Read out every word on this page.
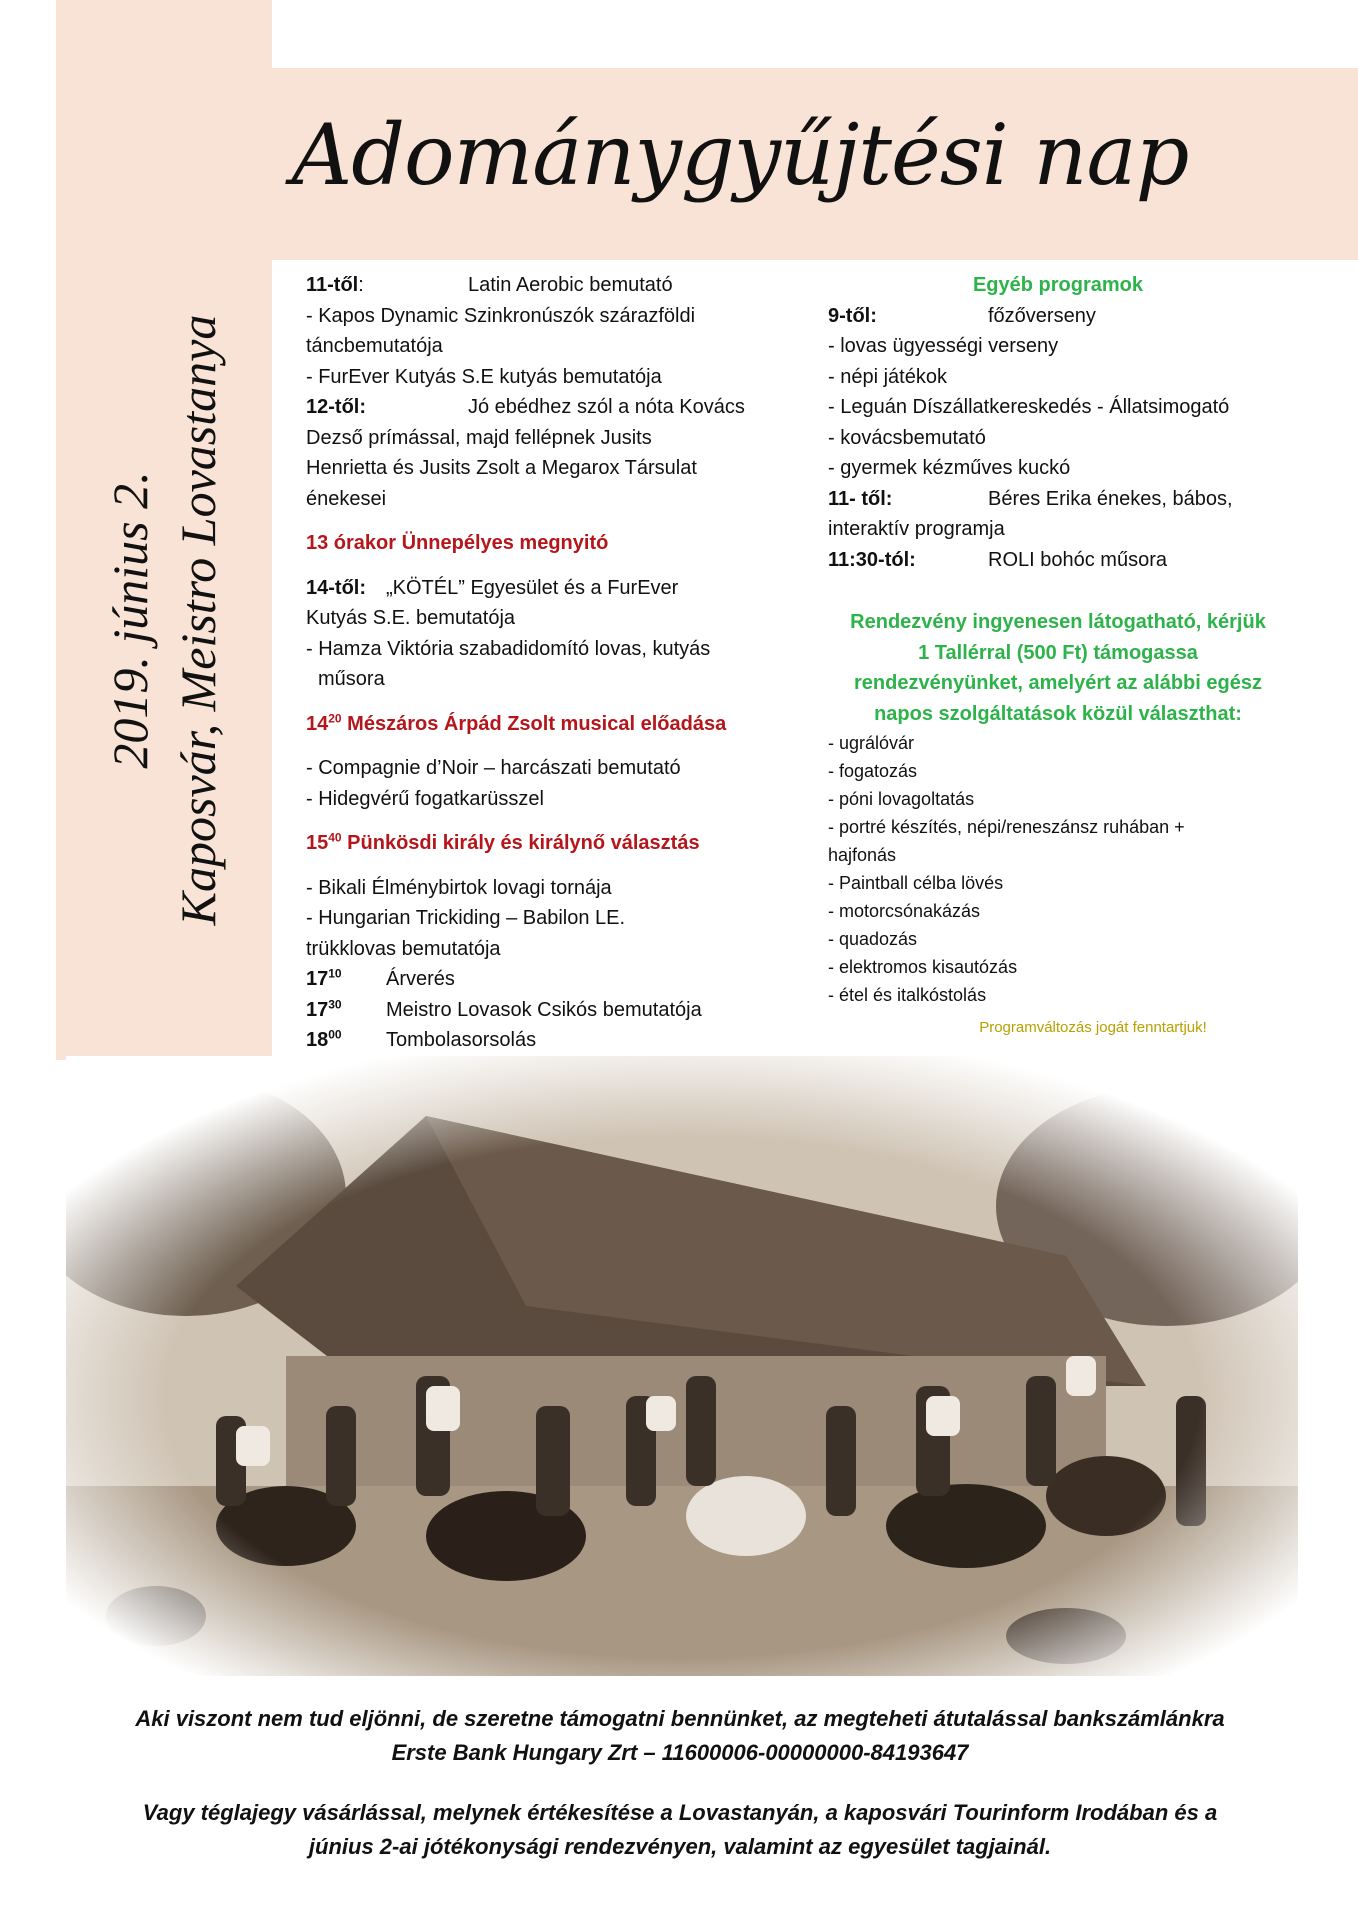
Adománygyűjtési nap
2019. június 2. Kaposvár, Meistro Lovastanya
11-től:	Latin Aerobic bemutató
- Kapos Dynamic Szinkronúszók szárazföldi
táncbemutatója
- FurEver Kutyás S.E kutyás bemutatója
12-től:	Jó ebédhez szól a nóta Kovács
Dezső prímással, majd fellépnek Jusits
Henrietta és Jusits Zsolt a Megarox Társulat
énekesei
13 órakor Ünnepélyes megnyitó
14-től: „KÖTÉL” Egyesület és a FurEver
Kutyás S.E. bemutatója
- Hamza Viktória szabadidomító lovas, kutyás
műsora
$14^{20}$ Mészáros Árpád Zsolt musical előadása
- Compagnie d’Noir – harcászati bemutató
- Hidegvérű fogatkarüsszel
$15^{40}$ Pünkösdi király és királynő választás
- Bikali Élménybirtok lovagi tornája
- Hungarian Trickiding – Babilon LE.
trükklovas bemutatója
$17^{10}$ Árverés
$17^{30}$ Meistro Lovasok Csikós bemutatója
$18^{00}$ Tombolasorsolás
Egyéb programok
9-től:	főzőverseny
- lovas ügyességi verseny
- népi játékok
- Leguán Díszállatkereskedés - Állatsimogató
- kovácsbemutató
- gyermek kézműves kuckó
11- től:	Béres Erika énekes, bábos,
interaktív programja
11:30-tól:	ROLI bohóc műsora
Rendezvény ingyenesen látogatható, kérjük
1 Tallérral (500 Ft) támogassa
rendezvényünket, amelyért az alábbi egész
napos szolgáltatások közül választhat:
- ugrálóvár
- fogatozás
- póni lovagoltatás
- portré készítés, népi/reneszánsz ruhában +
hajfonás
- Paintball célba lövés
- motorcsónakázás
- quadozás
- elektromos kisautózás
- étel és italkóstolás
Programváltozás jogát fenntartjuk!
Aki viszont nem tud eljönni, de szeretne támogatni bennünket, az megteheti átutalással bankszámlánkra
Erste Bank Hungary Zrt – 11600006-00000000-84193647
Vagy téglajegy vásárlással, melynek értékesítése a Lovastanyán, a kaposvári Tourinform Irodában és a
június 2-ai jótékonysági rendezvényen, valamint az egyesület tagjainál.
